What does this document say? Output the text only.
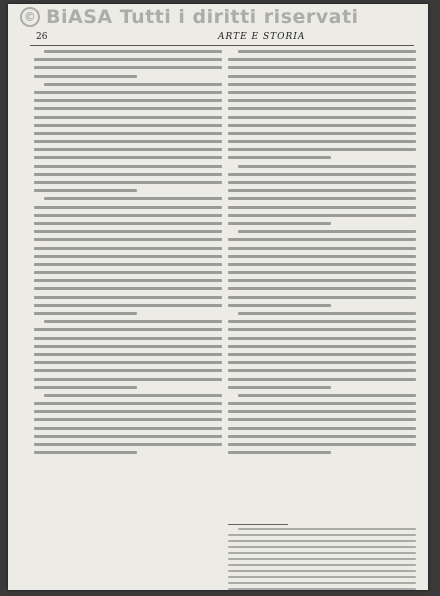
© BiASA Tutti i diritti riservati
26	ARTE E STORIA
